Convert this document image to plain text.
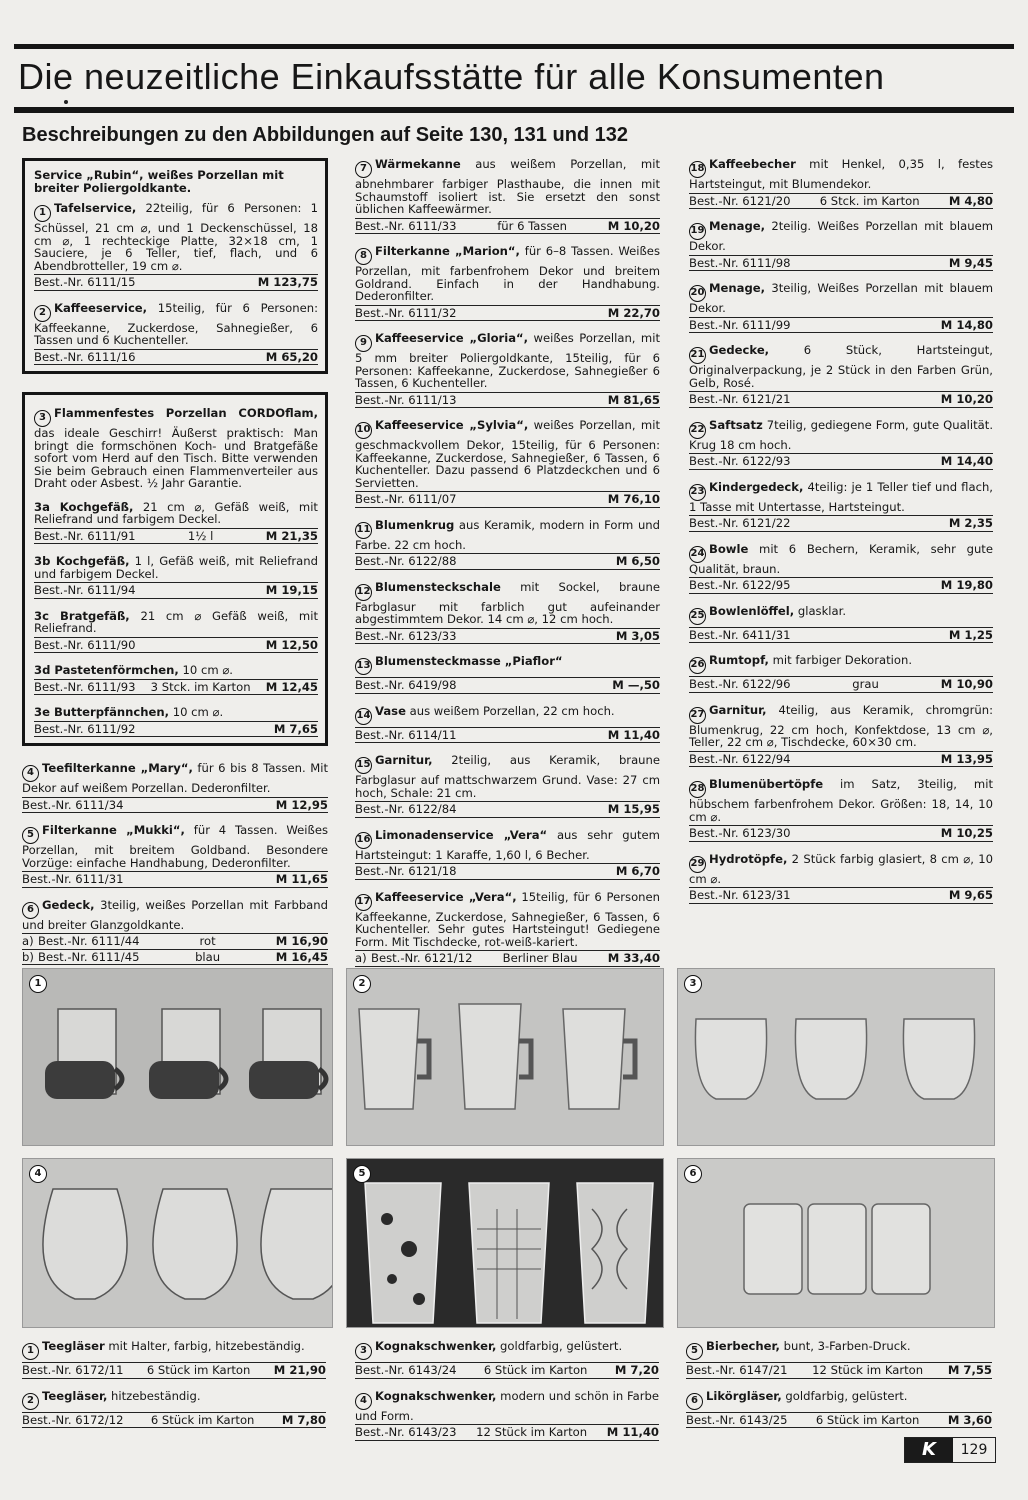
Die neuzeitliche Einkaufsstätte für alle Konsumenten
Beschreibungen zu den Abbildungen auf Seite 130, 131 und 132
Service „Rubin“, weißes Porzellan mit breiter Poliergoldkante.
1 Tafelservice, 22teilig, für 6 Personen: 1 Schüssel, 21 cm ⌀, und 1 Deckenschüssel, 18 cm ⌀, 1 rechteckige Platte, 32×18 cm, 1 Sauciere, je 6 Teller, tief, flach, und 6 Abendbrotteller, 19 cm ⌀.
Best.-Nr. 6111/15	M 123,75
2 Kaffeeservice, 15teilig, für 6 Personen: Kaffeekanne, Zuckerdose, Sahnegießer, 6 Tassen und 6 Kuchenteller.
Best.-Nr. 6111/16	M 65,20
3 Flammenfestes Porzellan CORDOflam, das ideale Geschirr! Äußerst praktisch: Man bringt die formschönen Koch- und Bratgefäße sofort vom Herd auf den Tisch. Bitte verwenden Sie beim Gebrauch einen Flammenverteiler aus Draht oder Asbest. ½ Jahr Garantie.
3a Kochgefäß, 21 cm ⌀, Gefäß weiß, mit Reliefrand und farbigem Deckel.
Best.-Nr. 6111/91	1½ l	M 21,35
3b Kochgefäß, 1 l, Gefäß weiß, mit Reliefrand und farbigem Deckel.
Best.-Nr. 6111/94	M 19,15
3c Bratgefäß, 21 cm ⌀ Gefäß weiß, mit Reliefrand.
Best.-Nr. 6111/90	M 12,50
3d Pastetenförmchen, 10 cm ⌀.
Best.-Nr. 6111/93	3 Stck. im Karton	M 12,45
3e Butterpfännchen, 10 cm ⌀.
Best.-Nr. 6111/92	M 7,65
4 Teefilterkanne „Mary“, für 6 bis 8 Tassen. Mit Dekor auf weißem Porzellan. Dederonfilter.
Best.-Nr. 6111/34	M 12,95
5 Filterkanne „Mukki“, für 4 Tassen. Weißes Porzellan, mit breitem Goldband. Besondere Vorzüge: einfache Handhabung, Dederonfilter.
Best.-Nr. 6111/31	M 11,65
6 Gedeck, 3teilig, weißes Porzellan mit Farbband und breiter Glanzgoldkante.
a) Best.-Nr. 6111/44	rot	M 16,90
b) Best.-Nr. 6111/45	blau	M 16,45
7 Wärmekanne aus weißem Porzellan, mit abnehmbarer farbiger Plasthaube, die innen mit Schaumstoff isoliert ist. Sie ersetzt den sonst üblichen Kaffeewärmer.
Best.-Nr. 6111/33	für 6 Tassen	M 10,20
8 Filterkanne „Marion“, für 6–8 Tassen. Weißes Porzellan, mit farbenfrohem Dekor und breitem Goldrand. Einfach in der Handhabung. Dederonfilter.
Best.-Nr. 6111/32	M 22,70
9 Kaffeeservice „Gloria“, weißes Porzellan, mit 5 mm breiter Poliergoldkante, 15teilig, für 6 Personen: Kaffeekanne, Zuckerdose, Sahnegießer 6 Tassen, 6 Kuchenteller.
Best.-Nr. 6111/13	M 81,65
10 Kaffeeservice „Sylvia“, weißes Porzellan, mit geschmackvollem Dekor, 15teilig, für 6 Personen: Kaffeekanne, Zuckerdose, Sahnegießer, 6 Tassen, 6 Kuchenteller. Dazu passend 6 Platzdeckchen und 6 Servietten.
Best.-Nr. 6111/07	M 76,10
11 Blumenkrug aus Keramik, modern in Form und Farbe. 22 cm hoch.
Best.-Nr. 6122/88	M 6,50
12 Blumensteckschale mit Sockel, braune Farbglasur mit farblich gut aufeinander abgestimmtem Dekor. 14 cm ⌀, 12 cm hoch.
Best.-Nr. 6123/33	M 3,05
13 Blumensteckmasse „Piaflor“
Best.-Nr. 6419/98	M —,50
14 Vase aus weißem Porzellan, 22 cm hoch.
Best.-Nr. 6114/11	M 11,40
15 Garnitur, 2teilig, aus Keramik, braune Farbglasur auf mattschwarzem Grund. Vase: 27 cm hoch, Schale: 21 cm.
Best.-Nr. 6122/84	M 15,95
16 Limonadenservice „Vera“ aus sehr gutem Hartsteingut: 1 Karaffe, 1,60 l, 6 Becher.
Best.-Nr. 6121/18	M 6,70
17 Kaffeeservice „Vera“, 15teilig, für 6 Personen Kaffeekanne, Zuckerdose, Sahnegießer, 6 Tassen, 6 Kuchenteller. Sehr gutes Hartsteingut! Gediegene Form. Mit Tischdecke, rot-weiß-kariert.
a) Best.-Nr. 6121/12	Berliner Blau	M 33,40
18 Kaffeebecher mit Henkel, 0,35 l, festes Hartsteingut, mit Blumendekor.
Best.-Nr. 6121/20	6 Stck. im Karton	M 4,80
19 Menage, 2teilig. Weißes Porzellan mit blauem Dekor.
Best.-Nr. 6111/98	M 9,45
20 Menage, 3teilig, Weißes Porzellan mit blauem Dekor.
Best.-Nr. 6111/99	M 14,80
21 Gedecke, 6 Stück, Hartsteingut, Originalverpackung, je 2 Stück in den Farben Grün, Gelb, Rosé.
Best.-Nr. 6121/21	M 10,20
22 Saftsatz 7teilig, gediegene Form, gute Qualität. Krug 18 cm hoch.
Best.-Nr. 6122/93	M 14,40
23 Kindergedeck, 4teilig: je 1 Teller tief und flach, 1 Tasse mit Untertasse, Hartsteingut.
Best.-Nr. 6121/22	M 2,35
24 Bowle mit 6 Bechern, Keramik, sehr gute Qualität, braun.
Best.-Nr. 6122/95	M 19,80
25 Bowlenlöffel, glasklar.
Best.-Nr. 6411/31	M 1,25
26 Rumtopf, mit farbiger Dekoration.
Best.-Nr. 6122/96	grau	M 10,90
27 Garnitur, 4teilig, aus Keramik, chromgrün: Blumenkrug, 22 cm hoch, Konfektdose, 13 cm ⌀, Teller, 22 cm ⌀, Tischdecke, 60×30 cm.
Best.-Nr. 6122/94	M 13,95
28 Blumenübertöpfe im Satz, 3teilig, mit hübschem farbenfrohem Dekor. Größen: 18, 14, 10 cm ⌀.
Best.-Nr. 6123/30	M 10,25
29 Hydrotöpfe, 2 Stück farbig glasiert, 8 cm ⌀, 10 cm ⌀.
Best.-Nr. 6123/31	M 9,65
1	2	3
4	5	6
1 Teegläser mit Halter, farbig, hitzebeständig.
Best.-Nr. 6172/11	6 Stück im Karton	M 21,90
2 Teegläser, hitzebeständig.
Best.-Nr. 6172/12	6 Stück im Karton	M 7,80
3 Kognakschwenker, goldfarbig, gelüstert.
Best.-Nr. 6143/24	6 Stück im Karton	M 7,20
4 Kognakschwenker, modern und schön in Farbe und Form.
Best.-Nr. 6143/23	12 Stück im Karton	M 11,40
5 Bierbecher, bunt, 3-Farben-Druck.
Best.-Nr. 6147/21	12 Stück im Karton	M 7,55
6 Likörgläser, goldfarbig, gelüstert.
Best.-Nr. 6143/25	6 Stück im Karton	M 3,60
K	129
